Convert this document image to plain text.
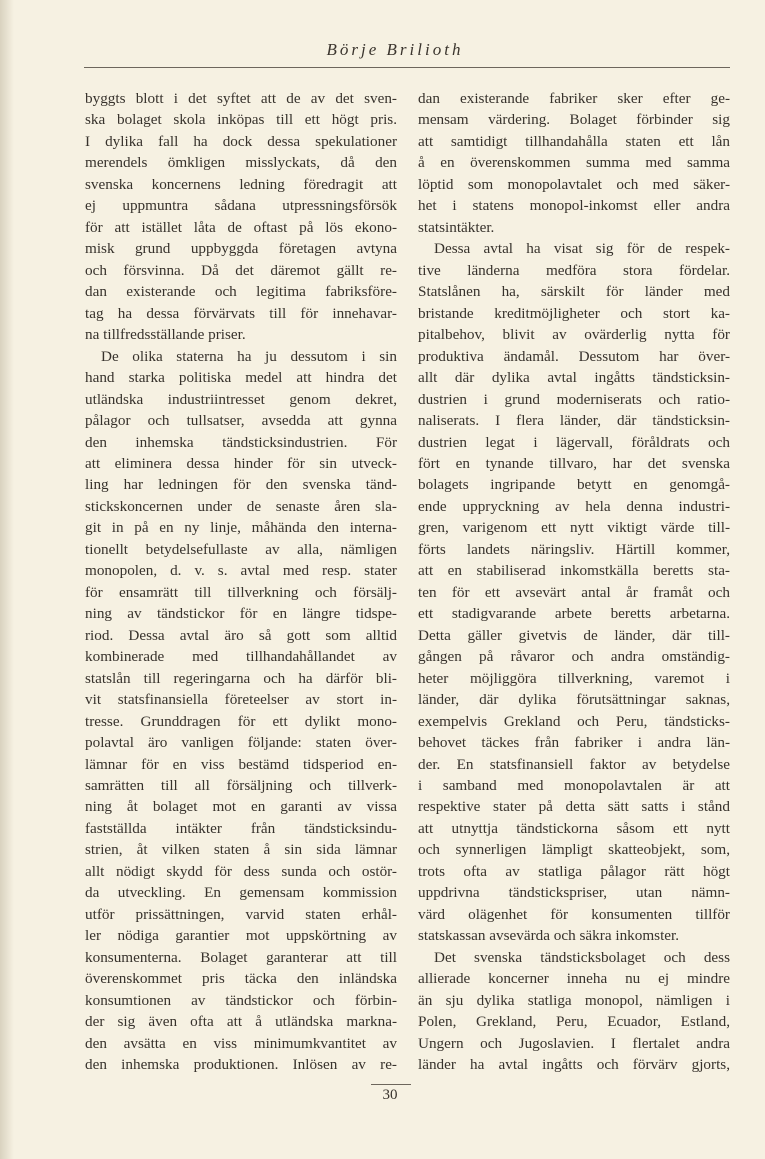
Börje Brilioth
byggts blott i det syftet att de av det sven-
ska bolaget skola inköpas till ett högt pris.
I dylika fall ha dock dessa spekulationer
merendels ömkligen misslyckats, då den
svenska koncernens ledning föredragit att
ej uppmuntra sådana utpressningsförsök
för att istället låta de oftast på lös ekono-
misk grund uppbyggda företagen avtyna
och försvinna. Då det däremot gällt re-
dan existerande och legitima fabriksföre-
tag ha dessa förvärvats till för innehavar-
na tillfredsställande priser.
De olika staterna ha ju dessutom i sin
hand starka politiska medel att hindra det
utländska industriintresset genom dekret,
pålagor och tullsatser, avsedda att gynna
den inhemska tändsticksindustrien. För
att eliminera dessa hinder för sin utveck-
ling har ledningen för den svenska tänd-
stickskoncernen under de senaste åren sla-
git in på en ny linje, måhända den interna-
tionellt betydelsefullaste av alla, nämligen
monopolen, d. v. s. avtal med resp. stater
för ensamrätt till tillverkning och försälj-
ning av tändstickor för en längre tidspe-
riod. Dessa avtal äro så gott som alltid
kombinerade med tillhandahållandet av
statslån till regeringarna och ha därför bli-
vit statsfinansiella företeelser av stort in-
tresse. Grunddragen för ett dylikt mono-
polavtal äro vanligen följande: staten över-
lämnar för en viss bestämd tidsperiod en-
samrätten till all försäljning och tillverk-
ning åt bolaget mot en garanti av vissa
fastställda intäkter från tändsticksindu-
strien, åt vilken staten å sin sida lämnar
allt nödigt skydd för dess sunda och ostör-
da utveckling. En gemensam kommission
utför prissättningen, varvid staten erhål-
ler nödiga garantier mot uppskörtning av
konsumenterna. Bolaget garanterar att till
överenskommet pris täcka den inländska
konsumtionen av tändstickor och förbin-
der sig även ofta att å utländska markna-
den avsätta en viss minimumkvantitet av
den inhemska produktionen. Inlösen av re-
dan existerande fabriker sker efter ge-
mensam värdering. Bolaget förbinder sig
att samtidigt tillhandahålla staten ett lån
å en överenskommen summa med samma
löptid som monopolavtalet och med säker-
het i statens monopol-inkomst eller andra
statsintäkter.
Dessa avtal ha visat sig för de respek-
tive länderna medföra stora fördelar.
Statslånen ha, särskilt för länder med
bristande kreditmöjligheter och stort ka-
pitalbehov, blivit av ovärderlig nytta för
produktiva ändamål. Dessutom har över-
allt där dylika avtal ingåtts tändsticksin-
dustrien i grund moderniserats och ratio-
naliserats. I flera länder, där tändsticksin-
dustrien legat i lägervall, föråldrats och
fört en tynande tillvaro, har det svenska
bolagets ingripande betytt en genomgå-
ende uppryckning av hela denna industri-
gren, varigenom ett nytt viktigt värde till-
förts landets näringsliv. Härtill kommer,
att en stabiliserad inkomstkälla beretts sta-
ten för ett avsevärt antal år framåt och
ett stadigvarande arbete beretts arbetarna.
Detta gäller givetvis de länder, där till-
gången på råvaror och andra omständig-
heter möjliggöra tillverkning, varemot i
länder, där dylika förutsättningar saknas,
exempelvis Grekland och Peru, tändsticks-
behovet täckes från fabriker i andra län-
der. En statsfinansiell faktor av betydelse
i samband med monopolavtalen är att
respektive stater på detta sätt satts i stånd
att utnyttja tändstickorna såsom ett nytt
och synnerligen lämpligt skatteobjekt, som,
trots ofta av statliga pålagor rätt högt
uppdrivna tändstickspriser, utan nämn-
värd olägenhet för konsumenten tillför
statskassan avsevärda och säkra inkomster.
Det svenska tändsticksbolaget och dess
allierade koncerner inneha nu ej mindre
än sju dylika statliga monopol, nämligen i
Polen, Grekland, Peru, Ecuador, Estland,
Ungern och Jugoslavien. I flertalet andra
länder ha avtal ingåtts och förvärv gjorts,
30
